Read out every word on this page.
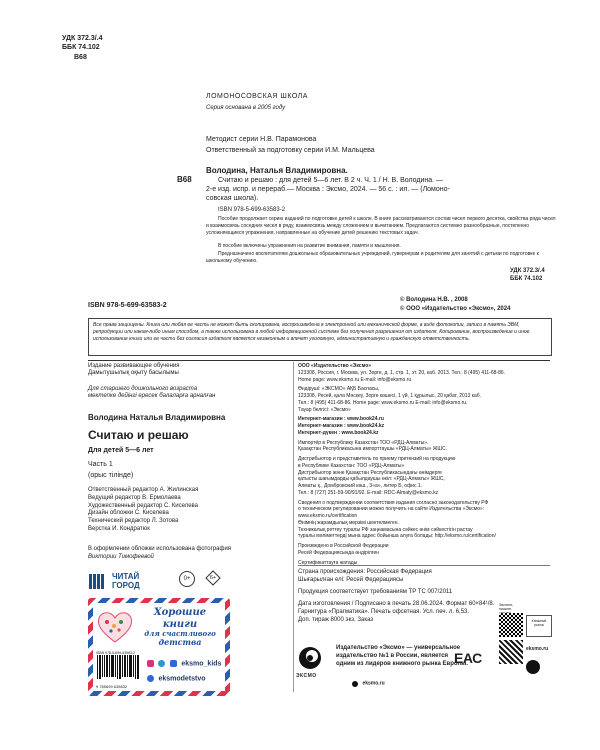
УДК 372.3/.4
ББК 74.102
В68
ЛОМОНОСОВСКАЯ ШКОЛА
Серия основана в 2005 году
Методист серии Н.В. Парамонова
Ответственный за подготовку серии И.М. Мальцева
В68
Володина, Наталья Владимировна.
Считаю и решаю : для детей 5—6 лет. В 2 ч. Ч. 1 / Н. В. Володина. —
2-е изд. испр. и перераб.— Москва : Эксмо, 2024. — 56 с. : ил. — (Ломоно-
совская школа).
ISBN 978-5-699-63583-2
Пособие продолжает серию изданий по подготовке детей к школе. В книге рассматриваются состав чисел первого десятка, свойства ряда чисел и взаимосвязь соседних чисел в ряду, взаимосвязь между сложением и вычитанием. Предлагаются системно разнообразные, постепенно усложняющиеся упражнения, направленные на обучение детей решению текстовых задач.
В пособие включены упражнения на развитие внимания, памяти и мышления.
Предназначено воспитателям дошкольных образовательных учреждений, гувернерам и родителям для занятий с детьми по подготовке к школьному обучению.
УДК 372.3/.4
ББК 74.102
ISBN 978-5-699-63583-2
© Володина Н.В. , 2008
© ООО «Издательство «Эксмо», 2024
Все права защищены. Книга или любая ее часть не может быть скопирована, воспроизведена в электронной или механической форме, в виде фотокопии, записи в память ЭВМ, репродукции или каким-либо иным способом, а также использована в любой информационной системе без получения разрешения от издателя. Копирование, воспроизведение и иное использование книги или ее части без согласия издателя является незаконным и влечет уголовную, административную и гражданскую ответственность.
Издание развивающее обучения
Дамытушылық оқыту басылымы
Для старшего дошкольного возраста
мектепке дейінгі ересек балаларға арналған
Володина Наталья Владимировна
Считаю и решаю
Для детей 5—6 лет
Часть 1
(орыс тілінде)
Ответственный редактор А. Жилинская
Ведущий редактор В. Ермолаева
Художественный редактор С. Киселева
Дизайн обложки С. Киселева
Технический редактор Л. Зотова
Верстка И. Кондратюк
В оформлении обложки использована фотография
Виктории Тимофеевой
ЧИТАЙ
ГОРОД
0+	6+
Хорошие
книги
для счастливого
детства
ISBN 978-5-699-63583-2
9 785699 635832
eksmo_kids
eksmodetstvo
ООО «Издательство «Эксмо»
123308, Россия, г. Москва, ул. Зорге, д. 1, стр. 1, эт. 20, каб. 2013. Тел.: 8 (495) 411-68-86.
Home page: www.eksmo.ru E-mail: info@eksmo.ru
Өндіруші: «ЭКСМО» АҚБ Баспасы,
123308, Ресей, қала Мәскеу, Зорге көшесі, 1 үй, 1 құрылыс, 20 қабат, 2013 каб.
Тел.: 8 (495) 411-68-86. Home page: www.eksmo.ru E-mail: info@eksmo.ru.
Тауар белгісі: «Эксмо»
Интернет-магазин : www.book24.ru
Интернет-магазин : www.book24.kz
Интернет-дүкен : www.book24.kz
Импортёр в Республику Казахстан ТОО «РДЦ-Алматы».
Қазақстан Республикасына импорттаушы «РДЦ-Алматы» ЖШС.
Дистрибьютор и представитель по приему претензий на продукцию
в Республике Казахстан: ТОО «РДЦ-Алматы»
Дистрибьютор және Қазақстан Республикасындағы өнімдерге
қатысты шағымдарды қабылдаушы өкіл: «РДЦ-Алматы» ЖШС,
Алматы қ., Домбровский көш., 3«а», литер Б, офис 1.
Тел.: 8 (727) 251-59-90/91/92. E-mail: RDC-Almaty@eksmo.kz
Сведения о подтверждении соответствия издания согласно законодательству РФ
о техническом регулировании можно получить на сайте Издательства «Эксмо»:
www.eksmo.ru/certification
Өнімнің жарамдылық мерзімі шектелмеген.
Техникалық реттеу туралы РФ заңнамасына сәйкес өнім сәйкестігін растау
туралы мәліметтерді мына адрес бойынша алуға болады: http://eksmo.ru/certification/
Произведено в Российской Федерации
Ресей Федерациясында өндірілген
Сертификаттауға жатады
Страна происхождения: Российская Федерация
Шығарылған елі: Ресей Федерациясы
Продукция соответствует требованиям ТР ТС 007/2011
Дата изготовления / Подписано в печать 28.06.2024. Формат 60×84¹/8.
Гарнитура «Прагматика». Печать офсетная. Усл. печ. л. 6,53.
Доп. тираж 8000 экз. Заказ
Звоните, пишите,
Книжный рынок
eksmo.ru
ЭКСМО
Издательство «Эксмо» — универсальное
издательство №1 в России, является
одним из лидеров книжного рынка Европы.
eksmo.ru
ЕАС
